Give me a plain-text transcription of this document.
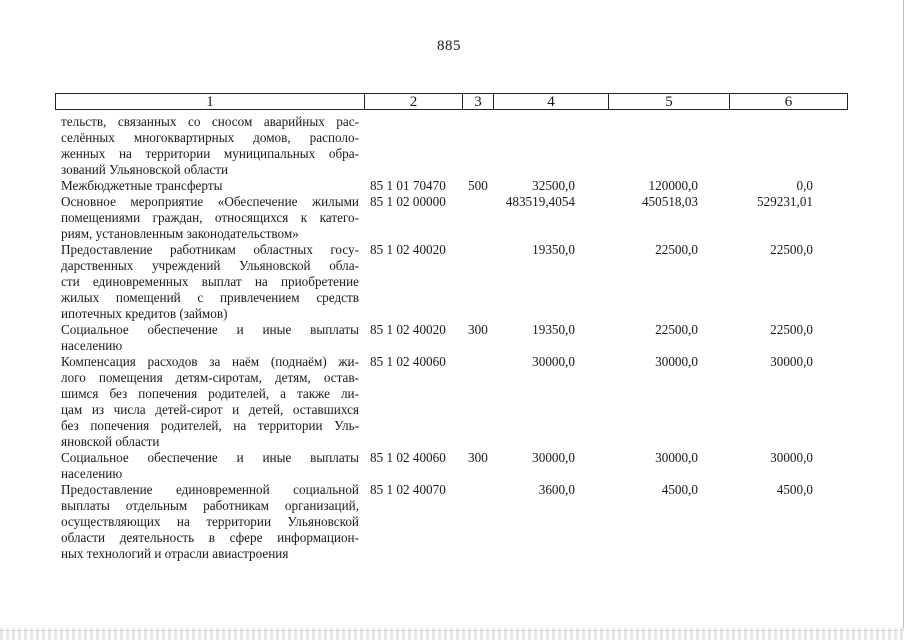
885
1	2	3	4	5	6
тельств, связанных со сносом аварийных рас-
селённых многоквартирных домов, располо-
женных на территории муниципальных обра-
зований Ульяновской области
Межбюджетные трансферты	85 1 01 70470 500	32500,0	120000,0	0,0
Основное мероприятие «Обеспечение жилыми
помещениями граждан, относящихся к катего-
риям, установленным законодательством»
85 1 02 00000	483519,4054	450518,03	529231,01
Предоставление работникам областных госу-
дарственных учреждений Ульяновской обла-
сти единовременных выплат на приобретение
жилых помещений с привлечением средств
ипотечных кредитов (займов)
85 1 02 40020	19350,0	22500,0	22500,0
Социальное обеспечение и иные выплаты
населению
85 1 02 40020 300	19350,0	22500,0	22500,0
Компенсация расходов за наём (поднаём) жи-
лого помещения детям-сиротам, детям, остав-
шимся без попечения родителей, а также ли-
цам из числа детей-сирот и детей, оставшихся
без попечения родителей, на территории Уль-
яновской области
85 1 02 40060	30000,0	30000,0	30000,0
Социальное обеспечение и иные выплаты
населению
85 1 02 40060 300	30000,0	30000,0	30000,0
Предоставление единовременной социальной
выплаты отдельным работникам организаций,
осуществляющих на территории Ульяновской
области деятельность в сфере информацион-
ных технологий и отрасли авиастроения
85 1 02 40070	3600,0	4500,0	4500,0
